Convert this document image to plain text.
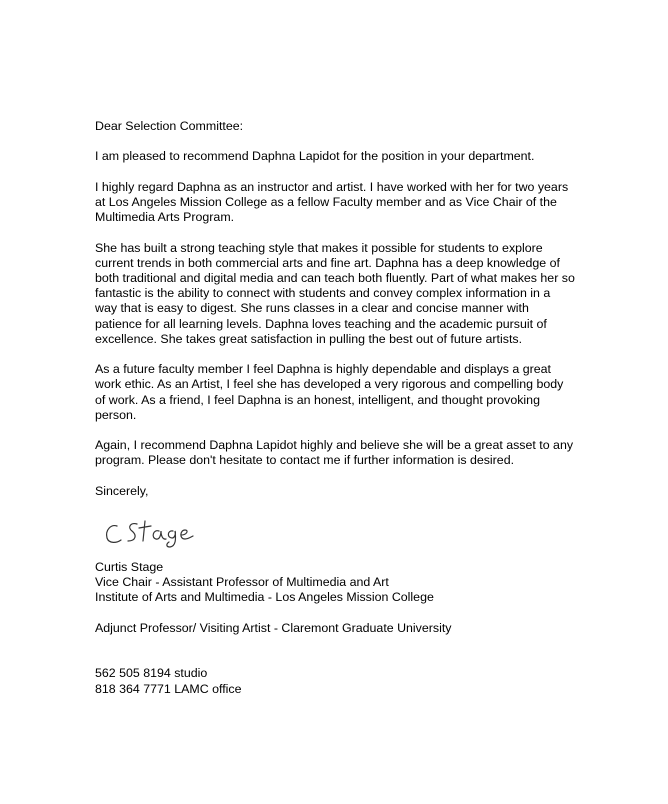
Dear Selection Committee:

I am pleased to recommend Daphna Lapidot for the position in your department.

I highly regard Daphna as an instructor and artist. I have worked with her for two years at Los Angeles Mission College as a fellow Faculty member and as Vice Chair of the Multimedia Arts Program.

She has built a strong teaching style that makes it possible for students to explore current trends in both commercial arts and fine art. Daphna has a deep knowledge of both traditional and digital media and can teach both fluently. Part of what makes her so fantastic is the ability to connect with students and convey complex information in a way that is easy to digest. She runs classes in a clear and concise manner with patience for all learning levels. Daphna loves teaching and the academic pursuit of excellence. She takes great satisfaction in pulling the best out of future artists.

As a future faculty member I feel Daphna is highly dependable and displays a great work ethic. As an Artist, I feel she has developed a very rigorous and compelling body of work. As a friend, I feel Daphna is an honest, intelligent, and thought provoking person.

Again, I recommend Daphna Lapidot highly and believe she will be a great asset to any program. Please don't hesitate to contact me if further information is desired.

Sincerely,

Curtis Stage
Vice Chair - Assistant Professor of Multimedia and Art
Institute of Arts and Multimedia - Los Angeles Mission College
Adjunct Professor/ Visiting Artist - Claremont Graduate University
562 505 8194 studio
818 364 7771 LAMC office
